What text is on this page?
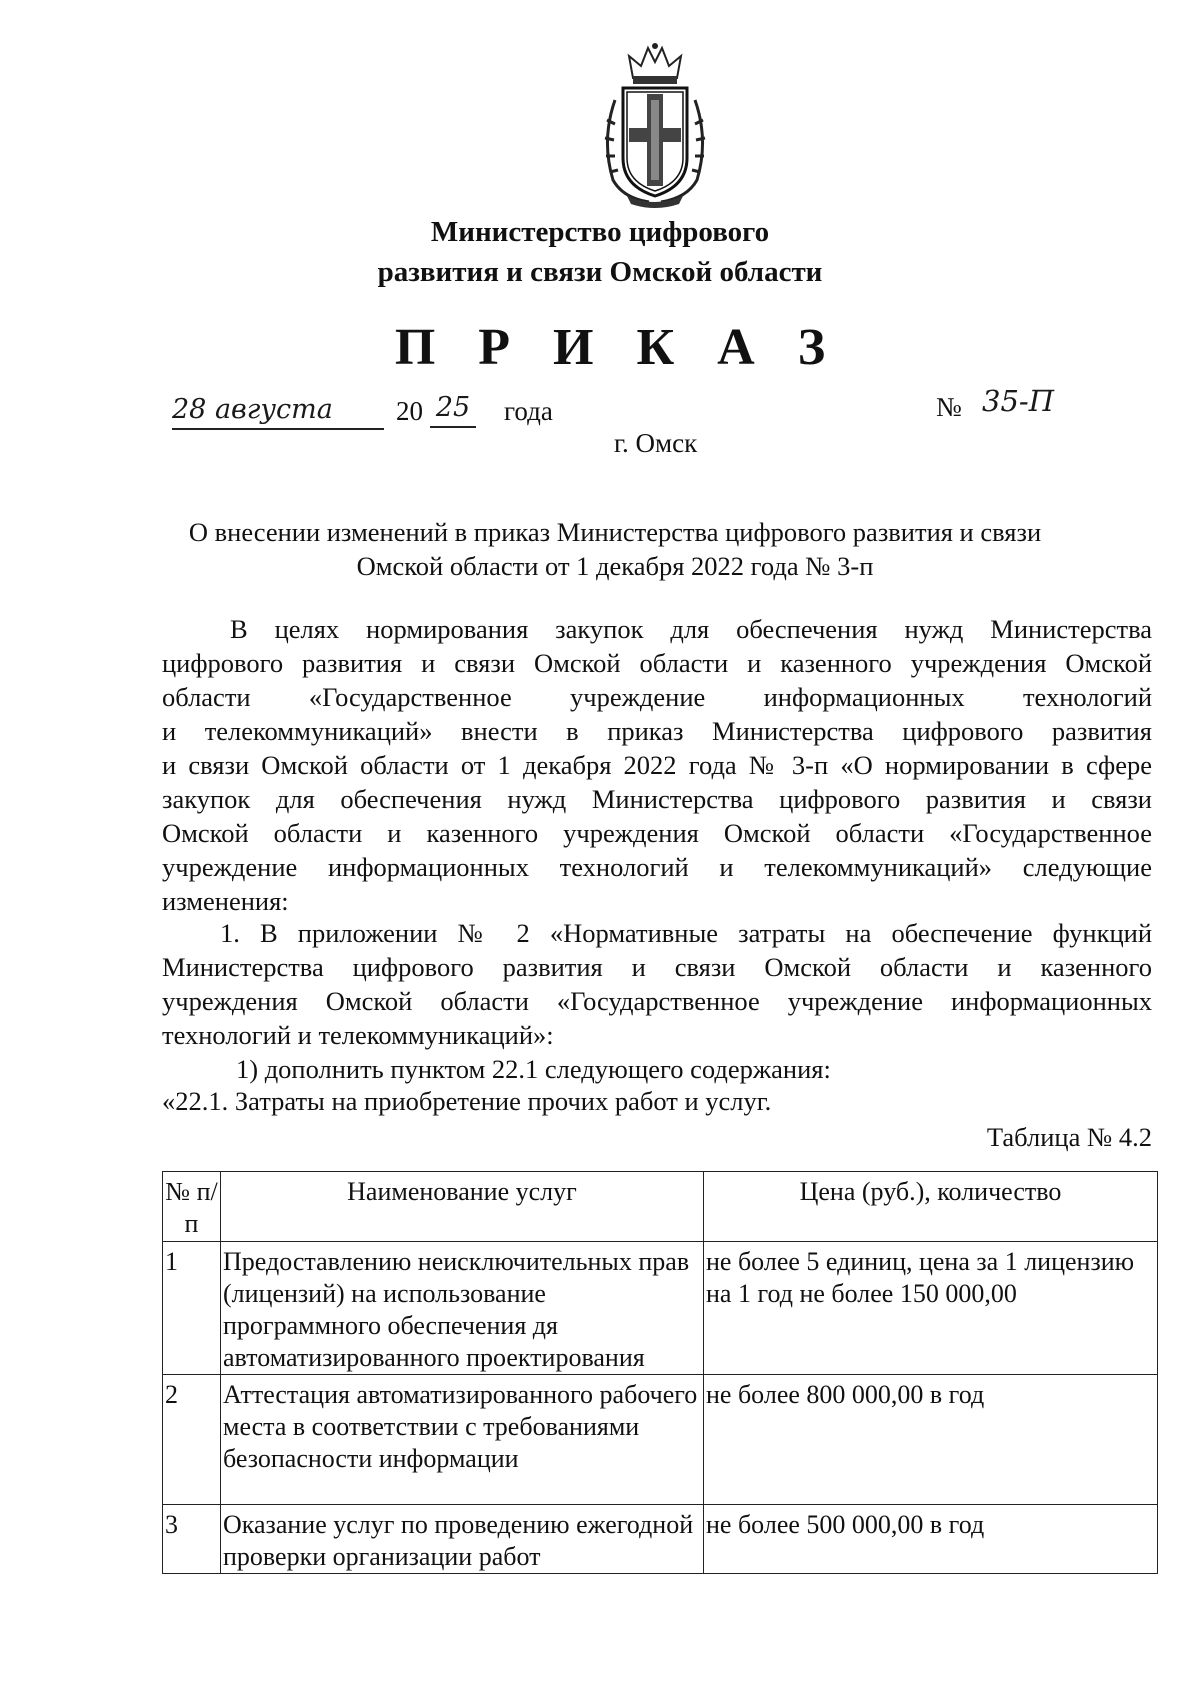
Министерство цифрового
развития и связи Омской области
П Р И К А З
28 августа	20 25 года	№ 35-П
г. Омск
О внесении изменений в приказ Министерства цифрового развития и связи
Омской области от 1 декабря 2022 года № 3-п
В целях нормирования закупок для обеспечения нужд Министерства
цифрового развития и связи Омской области и казенного учреждения Омской
области «Государственное учреждение информационных технологий
и телекоммуникаций» внести в приказ Министерства цифрового развития
и связи Омской области от 1 декабря 2022 года № 3-п «О нормировании в сфере
закупок для обеспечения нужд Министерства цифрового развития и связи
Омской области и казенного учреждения Омской области «Государственное
учреждение информационных технологий и телекоммуникаций» следующие
изменения:
1. В приложении № 2 «Нормативные затраты на обеспечение функций
Министерства цифрового развития и связи Омской области и казенного
учреждения Омской области «Государственное учреждение информационных
технологий и телекоммуникаций»:
1) дополнить пунктом 22.1 следующего содержания:
«22.1. Затраты на приобретение прочих работ и услуг.
Таблица № 4.2
№ п/п	Наименование услуг	Цена (руб.), количество
1	Предоставлению неисключительных прав (лицензий) на использование программного обеспечения дя автоматизированного проектирования	не более 5 единиц, цена за 1 лицензию на 1 год не более 150 000,00
2	Аттестация автоматизированного рабочего места в соответствии с требованиями безопасности информации	не более 800 000,00 в год
3	Оказание услуг по проведению ежегодной проверки организации работ	не более 500 000,00 в год
